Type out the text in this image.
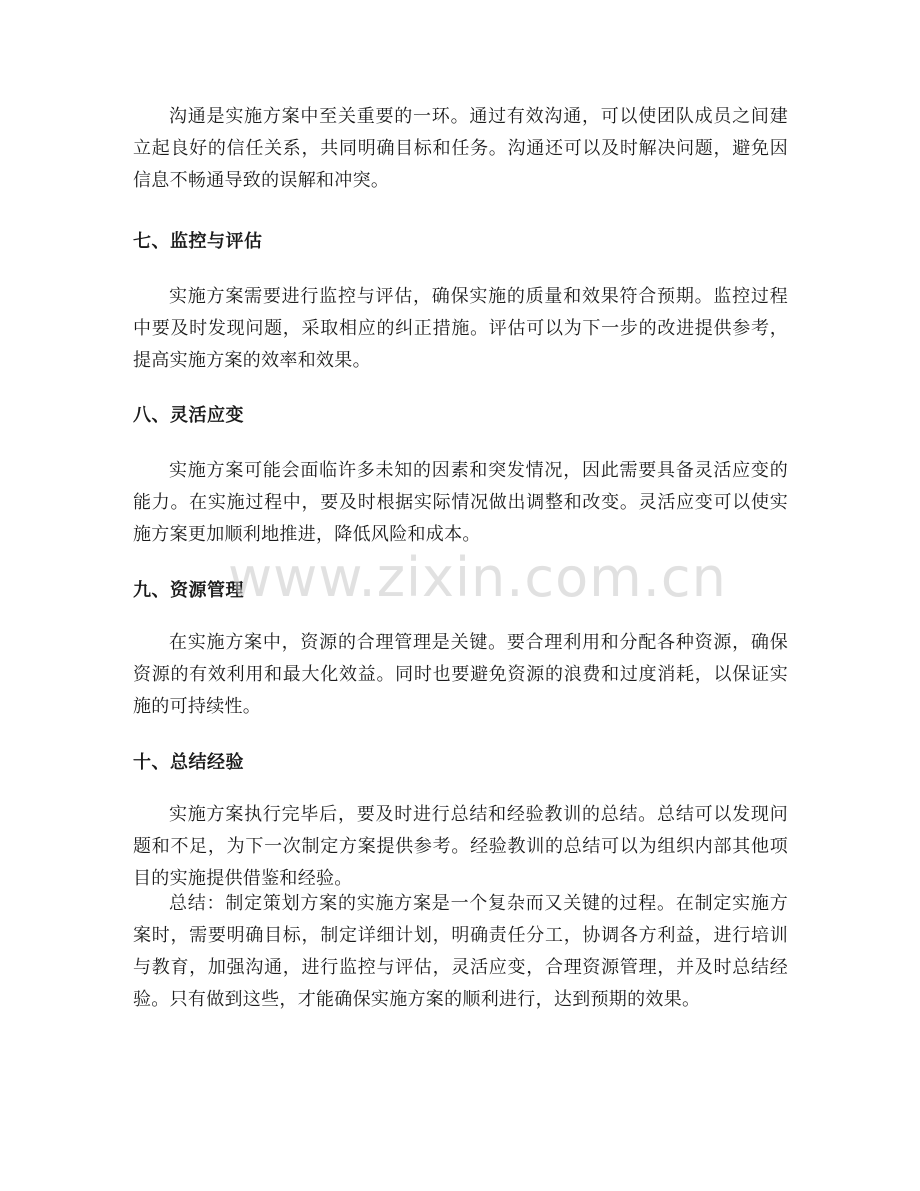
沟通是实施方案中至关重要的一环。通过有效沟通，可以使团队成员之间建立起良好的信任关系，共同明确目标和任务。沟通还可以及时解决问题，避免因信息不畅通导致的误解和冲突。

七、监控与评估

实施方案需要进行监控与评估，确保实施的质量和效果符合预期。监控过程中要及时发现问题，采取相应的纠正措施。评估可以为下一步的改进提供参考，提高实施方案的效率和效果。

八、灵活应变

实施方案可能会面临许多未知的因素和突发情况，因此需要具备灵活应变的能力。在实施过程中，要及时根据实际情况做出调整和改变。灵活应变可以使实施方案更加顺利地推进，降低风险和成本。

九、资源管理

在实施方案中，资源的合理管理是关键。要合理利用和分配各种资源，确保资源的有效利用和最大化效益。同时也要避免资源的浪费和过度消耗，以保证实施的可持续性。

十、总结经验

实施方案执行完毕后，要及时进行总结和经验教训的总结。总结可以发现问题和不足，为下一次制定方案提供参考。经验教训的总结可以为组织内部其他项目的实施提供借鉴和经验。

总结：制定策划方案的实施方案是一个复杂而又关键的过程。在制定实施方案时，需要明确目标，制定详细计划，明确责任分工，协调各方利益，进行培训与教育，加强沟通，进行监控与评估，灵活应变，合理资源管理，并及时总结经验。只有做到这些，才能确保实施方案的顺利进行，达到预期的效果。

www.zixin.com.cn
